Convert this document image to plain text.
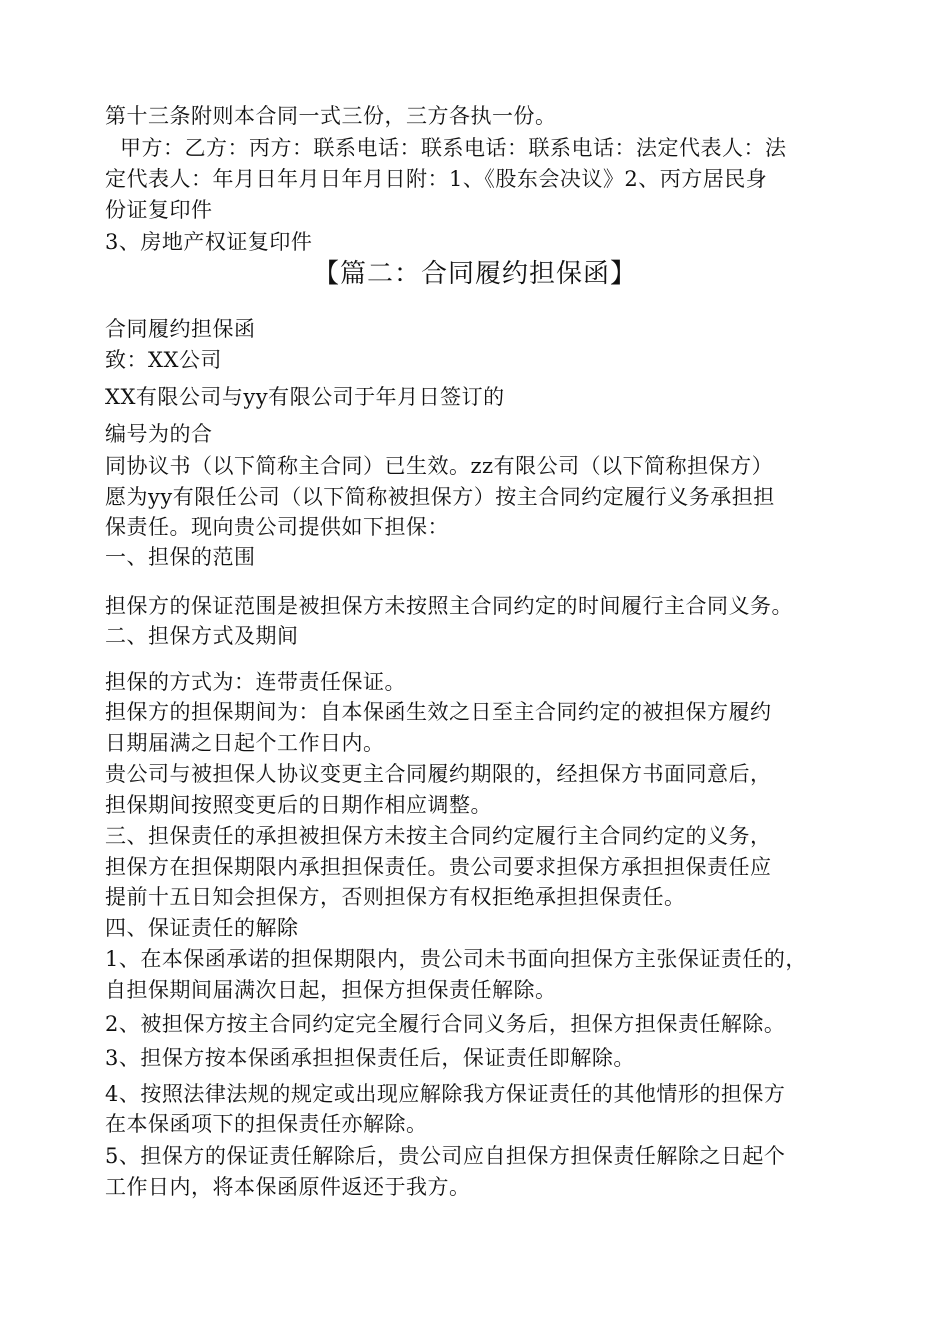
第十三条附则本合同一式三份，三方各执一份。
甲方：乙方：丙方：联系电话：联系电话：联系电话：法定代表人：法
定代表人：年月日年月日年月日附：1、《股东会决议》2、丙方居民身
份证复印件
3、房地产权证复印件
【篇二：合同履约担保函】
合同履约担保函
致：XX公司
XX有限公司与yy有限公司于年月日签订的
编号为的合
同协议书（以下简称主合同）已生效。zz有限公司（以下简称担保方）
愿为yy有限任公司（以下简称被担保方）按主合同约定履行义务承担担
保责任。现向贵公司提供如下担保：
一、担保的范围
担保方的保证范围是被担保方未按照主合同约定的时间履行主合同义务。
二、担保方式及期间
担保的方式为：连带责任保证。
担保方的担保期间为：自本保函生效之日至主合同约定的被担保方履约
日期届满之日起个工作日内。
贵公司与被担保人协议变更主合同履约期限的，经担保方书面同意后，
担保期间按照变更后的日期作相应调整。
三、担保责任的承担被担保方未按主合同约定履行主合同约定的义务，
担保方在担保期限内承担担保责任。贵公司要求担保方承担担保责任应
提前十五日知会担保方，否则担保方有权拒绝承担担保责任。
四、保证责任的解除
1、在本保函承诺的担保期限内，贵公司未书面向担保方主张保证责任的，
自担保期间届满次日起，担保方担保责任解除。
2、被担保方按主合同约定完全履行合同义务后，担保方担保责任解除。
3、担保方按本保函承担担保责任后，保证责任即解除。
4、按照法律法规的规定或出现应解除我方保证责任的其他情形的担保方
在本保函项下的担保责任亦解除。
5、担保方的保证责任解除后，贵公司应自担保方担保责任解除之日起个
工作日内，将本保函原件返还于我方。
